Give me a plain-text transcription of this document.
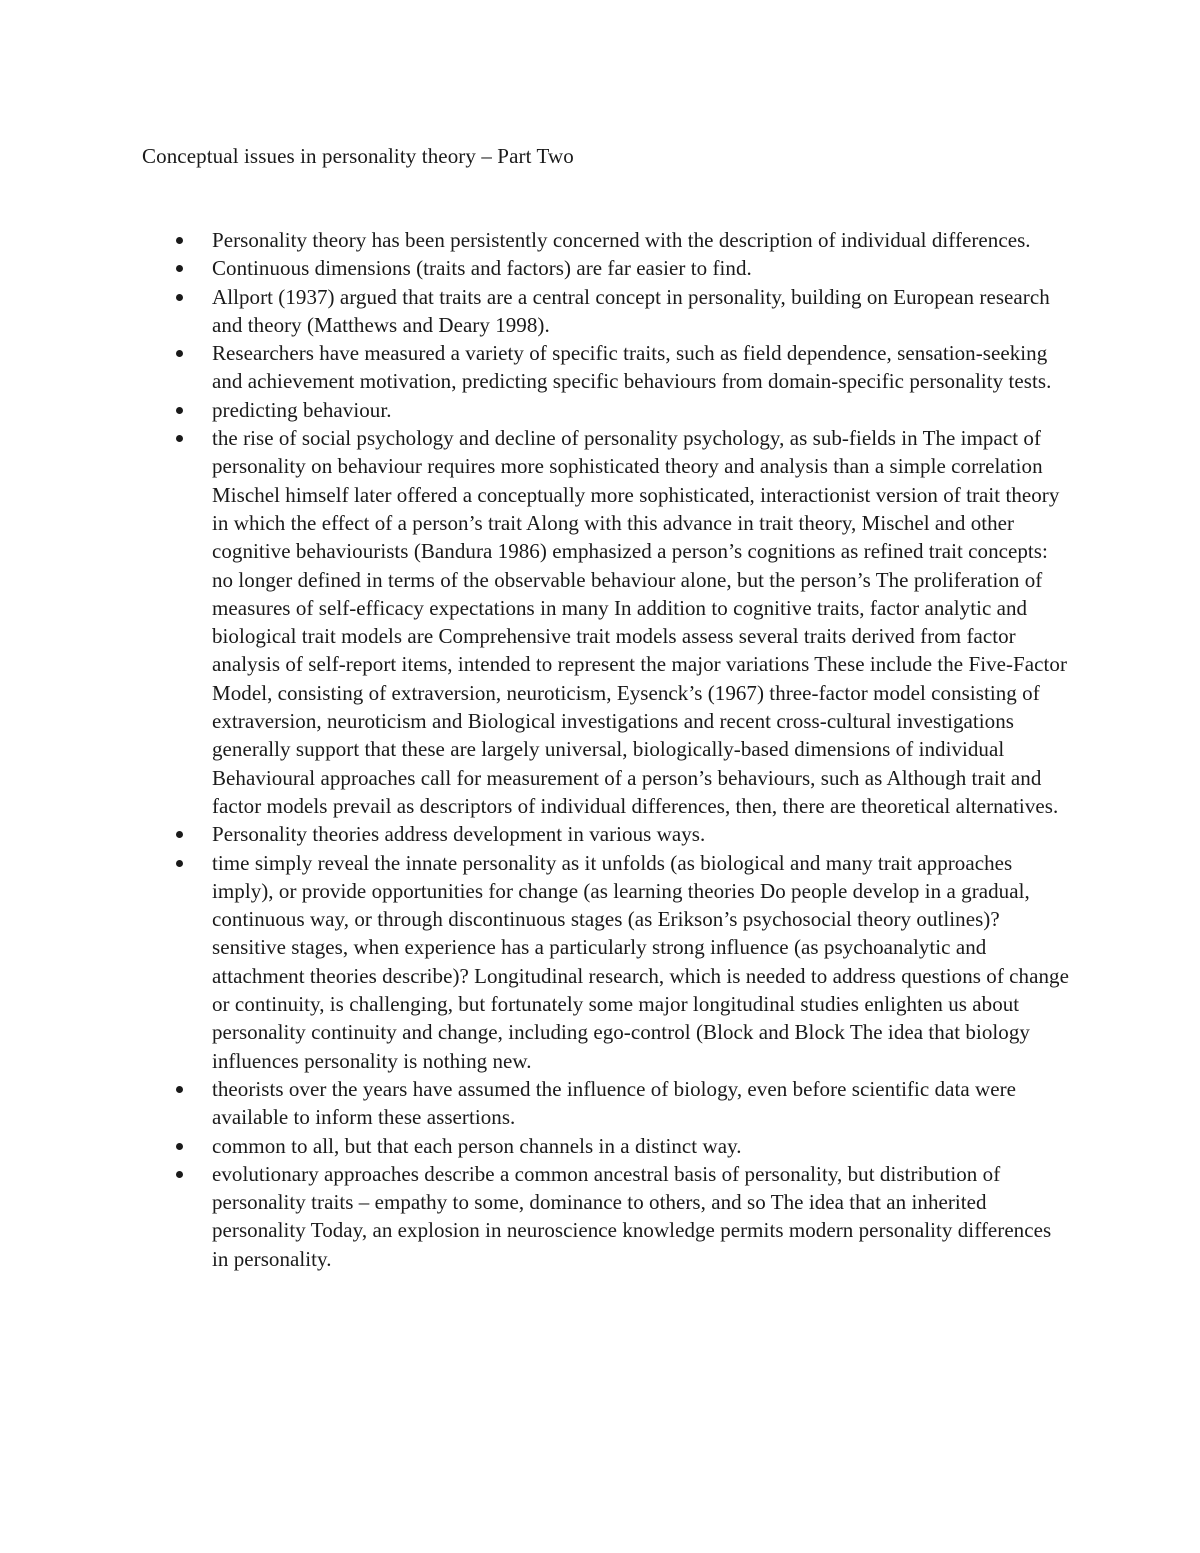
Conceptual issues in personality theory – Part Two
Personality theory has been persistently concerned with the description of individual differences.
Continuous dimensions (traits and factors) are far easier to find.
Allport (1937) argued that traits are a central concept in personality, building on European research and theory (Matthews and Deary 1998).
Researchers have measured a variety of specific traits, such as field dependence, sensation-seeking and achievement motivation, predicting specific behaviours from domain-specific personality tests.
predicting behaviour.
the rise of social psychology and decline of personality psychology, as sub-fields in The impact of personality on behaviour requires more sophisticated theory and analysis than a simple correlation Mischel himself later offered a conceptually more sophisticated, interactionist version of trait theory in which the effect of a person’s trait Along with this advance in trait theory, Mischel and other cognitive behaviourists (Bandura 1986) emphasized a person’s cognitions as refined trait concepts: no longer defined in terms of the observable behaviour alone, but the person’s The proliferation of measures of self-efficacy expectations in many In addition to cognitive traits, factor analytic and biological trait models are Comprehensive trait models assess several traits derived from factor analysis of self-report items, intended to represent the major variations These include the Five-Factor Model, consisting of extraversion, neuroticism, Eysenck’s (1967) three-factor model consisting of extraversion, neuroticism and Biological investigations and recent cross-cultural investigations generally support that these are largely universal, biologically-based dimensions of individual Behavioural approaches call for measurement of a person’s behaviours, such as Although trait and factor models prevail as descriptors of individual differences, then, there are theoretical alternatives.
Personality theories address development in various ways.
time simply reveal the innate personality as it unfolds (as biological and many trait approaches imply), or provide opportunities for change (as learning theories Do people develop in a gradual, continuous way, or through discontinuous stages (as Erikson’s psychosocial theory outlines)? sensitive stages, when experience has a particularly strong influence (as psychoanalytic and attachment theories describe)? Longitudinal research, which is needed to address questions of change or continuity, is challenging, but fortunately some major longitudinal studies enlighten us about personality continuity and change, including ego-control (Block and Block The idea that biology influences personality is nothing new.
theorists over the years have assumed the influence of biology, even before scientific data were available to inform these assertions.
common to all, but that each person channels in a distinct way.
evolutionary approaches describe a common ancestral basis of personality, but distribution of personality traits – empathy to some, dominance to others, and so The idea that an inherited personality Today, an explosion in neuroscience knowledge permits modern personality differences in personality.
